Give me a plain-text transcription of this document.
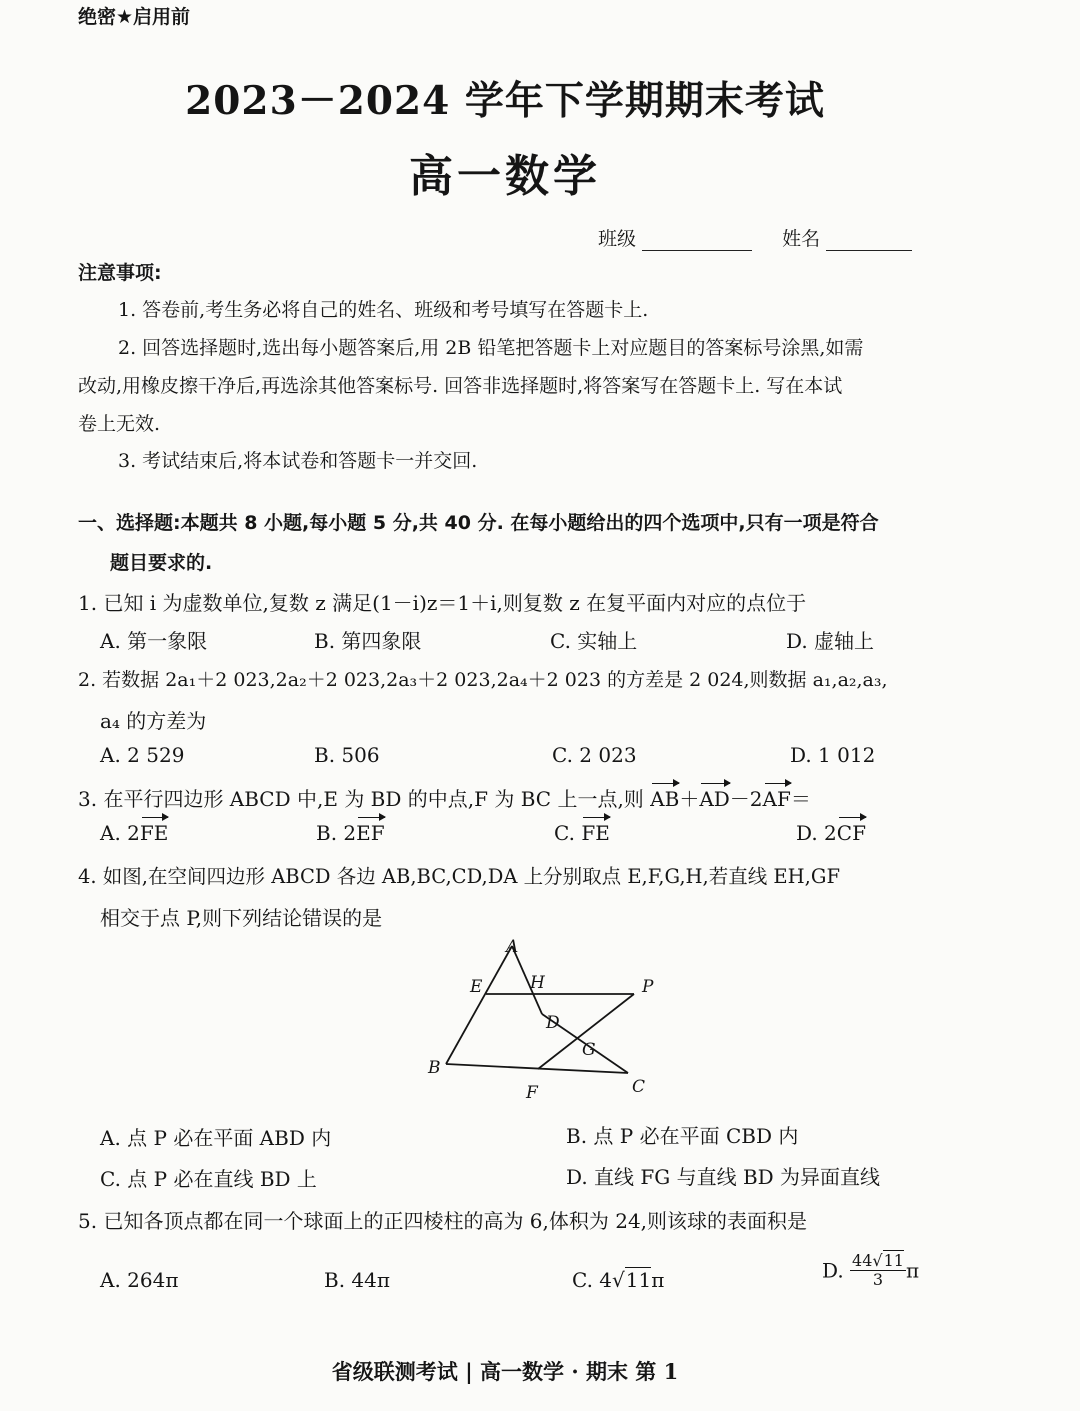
绝密★启用前
2023－2024 学年下学期期末考试
高一数学
班级	姓名
注意事项:
1. 答卷前,考生务必将自己的姓名、班级和考号填写在答题卡上.
2. 回答选择题时,选出每小题答案后,用 2B 铅笔把答题卡上对应题目的答案标号涂黑,如需
改动,用橡皮擦干净后,再选涂其他答案标号. 回答非选择题时,将答案写在答题卡上. 写在本试
卷上无效.
3. 考试结束后,将本试卷和答题卡一并交回.
一、选择题:本题共 8 小题,每小题 5 分,共 40 分. 在每小题给出的四个选项中,只有一项是符合
题目要求的.
1. 已知 i 为虚数单位,复数 z 满足(1－i)z＝1＋i,则复数 z 在复平面内对应的点位于
A. 第一象限	B. 第四象限	C. 实轴上	D. 虚轴上
2. 若数据 2a₁＋2 023,2a₂＋2 023,2a₃＋2 023,2a₄＋2 023 的方差是 2 024,则数据 a₁,a₂,a₃,
a₄ 的方差为
A. 2 529	B. 506	C. 2 023	D. 1 012
3. 在平行四边形 ABCD 中,E 为 BD 的中点,F 为 BC 上一点,则 AB＋AD－2AF＝
A. 2FE	B. 2EF	C. FE	D. 2CF
4. 如图,在空间四边形 ABCD 各边 AB,BC,CD,DA 上分别取点 E,F,G,H,若直线 EH,GF
相交于点 P,则下列结论错误的是
A
E	H	P
D
G
B
F	C
A. 点 P 必在平面 ABD 内	B. 点 P 必在平面 CBD 内
C. 点 P 必在直线 BD 上	D. 直线 FG 与直线 BD 为异面直线
5. 已知各顶点都在同一个球面上的正四棱柱的高为 6,体积为 24,则该球的表面积是
A. 264π	B. 44π	C. 4√11π	D. $\frac{44√11}{3}$ π
省级联测考试 | 高一数学 · 期末 第 1
